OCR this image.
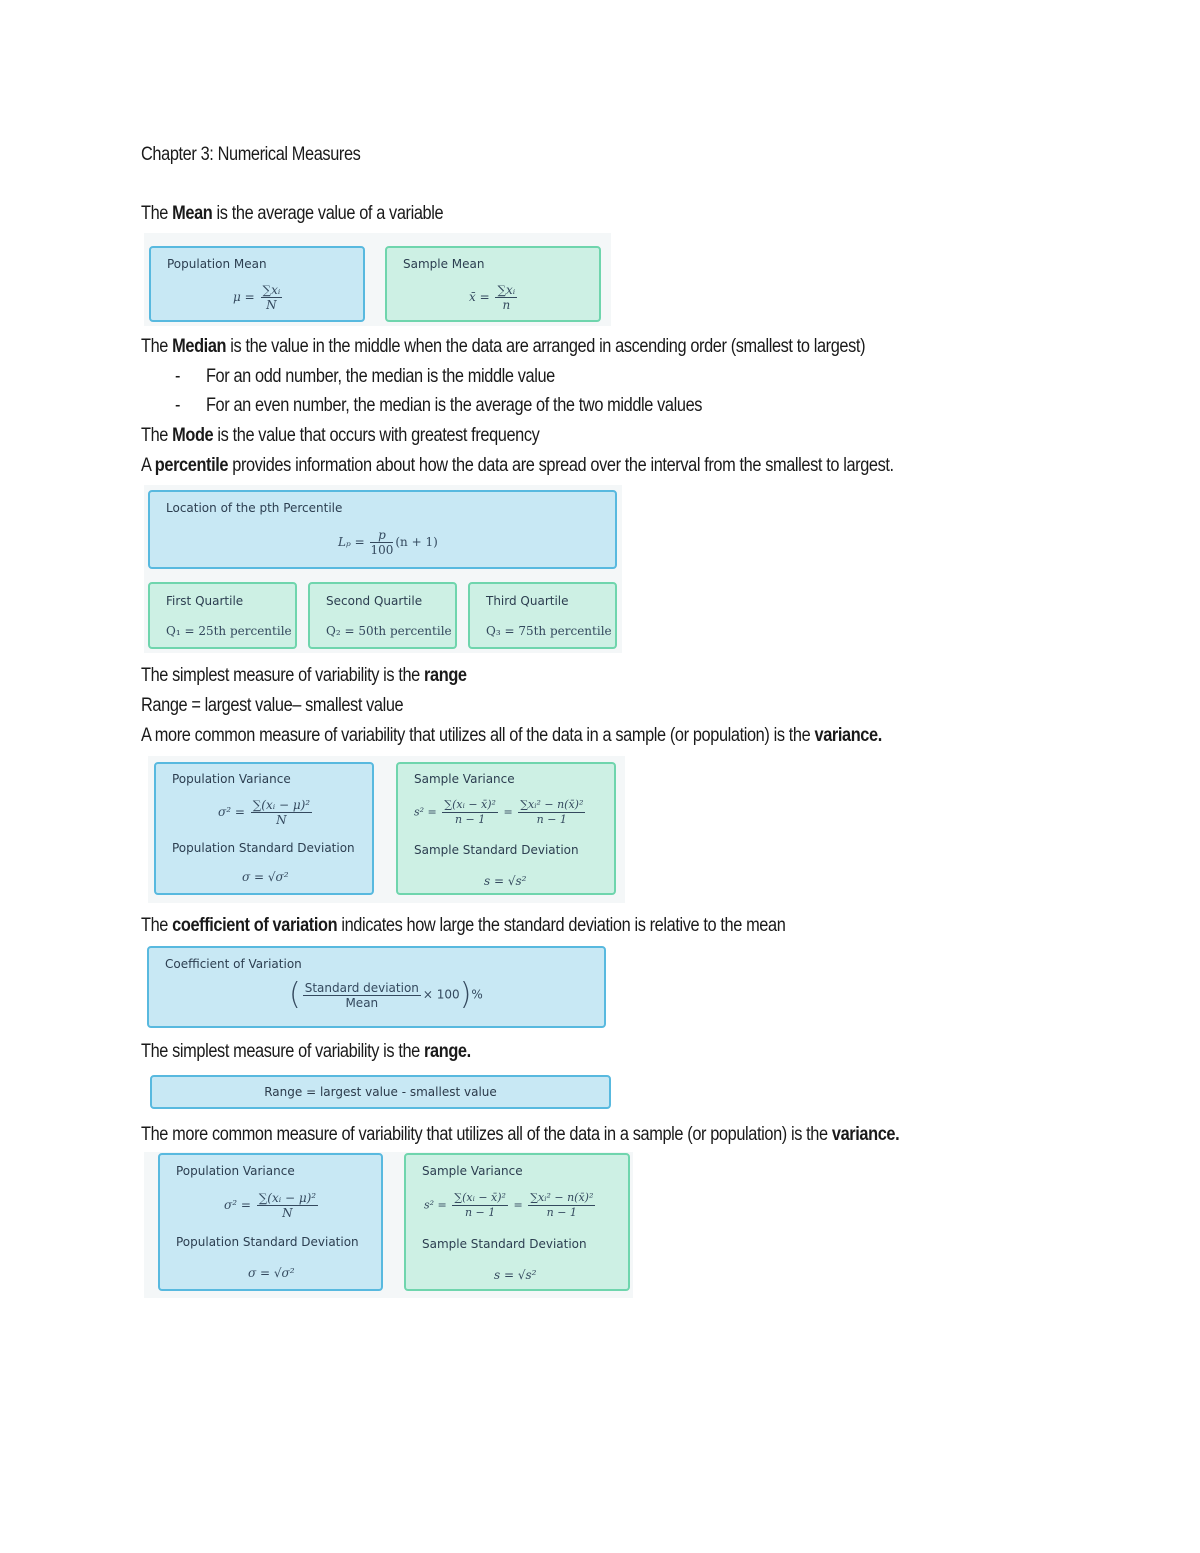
Chapter 3: Numerical Measures
The Mean is the average value of a variable
Population Mean
$\mu = \frac{\text{∑xᵢ}}{N}$
Sample Mean
x̄ = $\frac{\text{∑xᵢ}}{n}$
The Median is the value in the middle when the data are arranged in ascending order (smallest to largest)
- For an odd number, the median is the middle value
- For an even number, the median is the average of the two middle values
The Mode is the value that occurs with greatest frequency
A percentile provides information about how the data are spread over the interval from the smallest to largest.
Location of the pth Percentile
$L_p = \frac{p}{100} (n + 1)$
First Quartile
Q₁ = 25th percentile
Second Quartile
Q₂ = 50th percentile
Third Quartile
Q₃ = 75th percentile
The simplest measure of variability is the range
Range = largest value– smallest value
A more common measure of variability that utilizes all of the data in a sample (or population) is the variance.
Population Variance
$\sigma^2 = \frac{\text{∑(xᵢ − μ)²}}{N}$
Population Standard Deviation
σ = √σ²
Sample Variance
$s^2 = \frac{\text{∑(xᵢ − x̄)²}}{n - 1} = \frac{\text{∑xᵢ² − n(x̄)²}}{n - 1}$
Sample Standard Deviation
s = √s²
The coefficient of variation indicates how large the standard deviation is relative to the mean
Coefficient of Variation
( $\frac{\text{Standard deviation}}{\text{Mean}} \times 100)\%$
The simplest measure of variability is the range.
Range = largest value - smallest value
The more common measure of variability that utilizes all of the data in a sample (or population) is the variance.
Population Variance
$\sigma^2 = \frac{\text{∑(xᵢ − μ)²}}{N}$
Population Standard Deviation
σ = √σ²
Sample Variance
$s^2 = \frac{\text{∑(xᵢ − x̄)²}}{n - 1} = \frac{\text{∑xᵢ² − n(x̄)²}}{n - 1}$
Sample Standard Deviation
s = √s²
